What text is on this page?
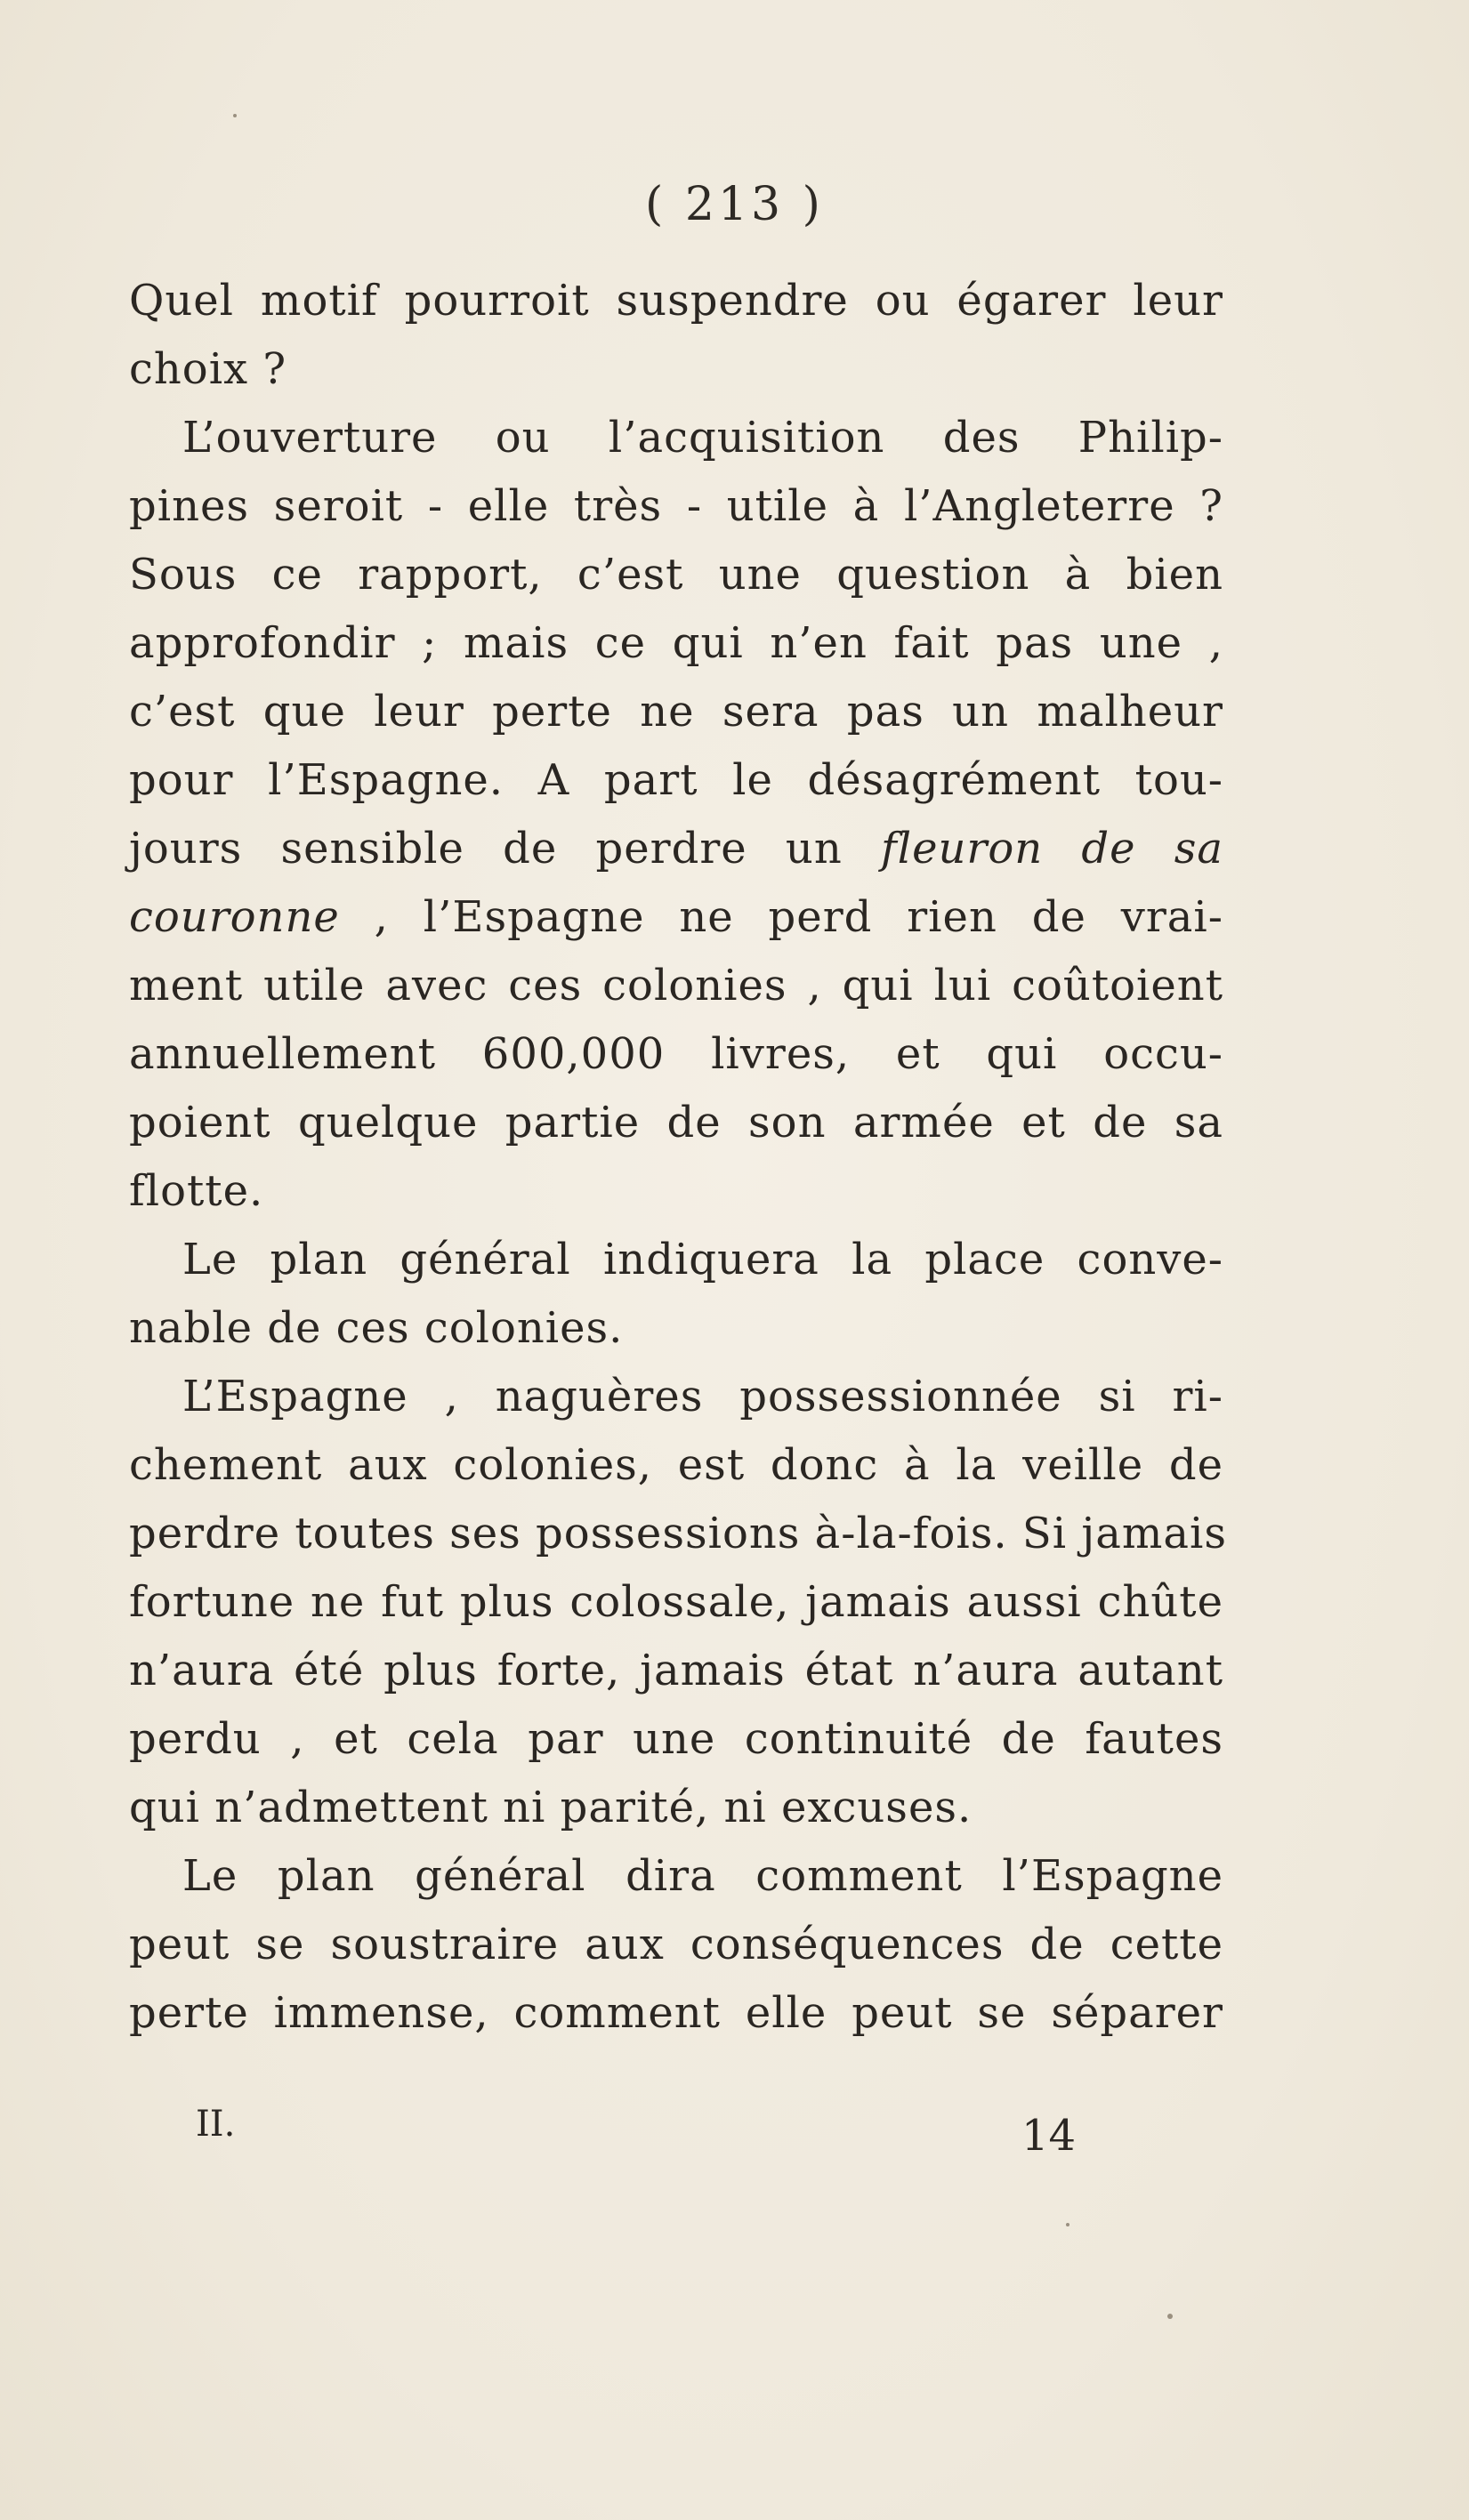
( 213 )
Quel motif pourroit suspendre ou égarer leur
choix ?
L’ouverture ou l’acquisition des Philip-
pines seroit - elle très - utile à l’Angleterre ?
Sous ce rapport, c’est une question à bien
approfondir ; mais ce qui n’en fait pas une ,
c’est que leur perte ne sera pas un malheur
pour l’Espagne. A part le désagrément tou-
jours sensible de perdre un fleuron de sa
couronne , l’Espagne ne perd rien de vrai-
ment utile avec ces colonies , qui lui coûtoient
annuellement 600,000 livres, et qui occu-
poient quelque partie de son armée et de sa
flotte.
Le plan général indiquera la place conve-
nable de ces colonies.
L’Espagne , naguères possessionnée si ri-
chement aux colonies, est donc à la veille de
perdre toutes ses possessions à-la-fois. Si jamais
fortune ne fut plus colossale, jamais aussi chûte
n’aura été plus forte, jamais état n’aura autant
perdu , et cela par une continuité de fautes
qui n’admettent ni parité, ni excuses.
Le plan général dira comment l’Espagne
peut se soustraire aux conséquences de cette
perte immense, comment elle peut se séparer
II.	14
